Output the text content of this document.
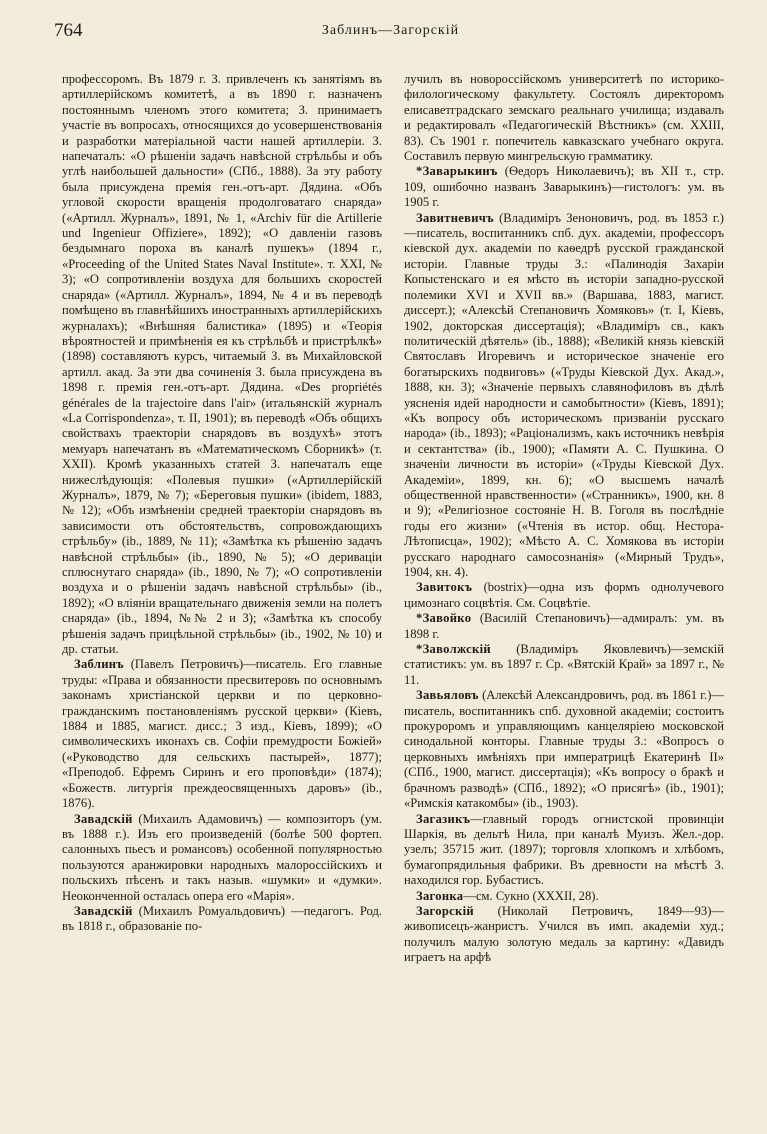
764	Заблинъ—Загорскій

профессоромъ. Въ 1879 г. З. привлеченъ къ занятіямъ въ артиллерійскомъ комитетѣ, а въ 1890 г. назначенъ постояннымъ членомъ этого комитета; З. принимаетъ участіе въ вопросахъ, относящихся до усовершенствованія и разработки матеріальной части нашей артиллеріи. З. напечаталъ: «О рѣшеніи задачъ навѣсной стрѣльбы и объ углѣ наибольшей дальности» (СПб., 1888). За эту работу была присуждена премія ген.-отъ-арт. Дядина. «Объ угловой скорости вращенія продолговатаго снаряда» («Артилл. Журналъ», 1891, № 1, «Archiv für die Artillerie und Ingenieur Offiziere», 1892); «О давленіи газовъ бездымнаго пороха въ каналѣ пушекъ» (1894 г., «Proceeding of the United States Naval Institute». т. XXI, № 3); «О сопротивленіи воздуха для большихъ скоростей снаряда» («Артилл. Журналъ», 1894, № 4 и въ переводѣ помѣщено въ главнѣйшихъ иностранныхъ артиллерійскихъ журналахъ); «Внѣшняя балистика» (1895) и «Теорія вѣроятностей и примѣненія ея къ стрѣльбѣ и пристрѣлкѣ» (1898) составляютъ курсъ, читаемый З. въ Михайловской артилл. акад. За эти два сочиненія З. была присуждена въ 1898 г. премія ген.-отъ-арт. Дядина. «Des propriétés générales de la trajectoire dans l'air» (итальянскій журналъ «La Corrispondenza», т. II, 1901); въ переводѣ «Объ общихъ свойствахъ траекторіи снарядовъ въ воздухѣ» этотъ мемуаръ напечатанъ въ «Математическомъ Сборникѣ» (т. XXII). Кромѣ указанныхъ статей З. напечаталъ еще нижеслѣдующія: «Полевыя пушки» («Артиллерійскій Журналъ», 1879, № 7); «Береговыя пушки» (ibidem, 1883, № 12); «Объ измѣненіи средней траекторіи снарядовъ въ зависимости отъ обстоятельствъ, сопровождающихъ стрѣльбу» (ib., 1889, № 11); «Замѣтка къ рѣшенію задачъ навѣсной стрѣльбы» (ib., 1890, № 5); «О деривацiи сплюснутаго снаряда» (ib., 1890, № 7); «О сопротивленіи воздуха и о рѣшеніи задачъ навѣсной стрѣльбы» (ib., 1892); «О вліяніи вращательнаго движенія земли на полетъ снаряда» (ib., 1894, №№ 2 и 3); «Замѣтка къ способу рѣшенія задачъ прицѣльной стрѣльбы» (ib., 1902, № 10) и др. статьи.

Заблинъ (Павелъ Петровичъ)—писатель. Его главные труды: «Права и обязанности пресвитеровъ по основнымъ законамъ христіанской церкви и по церковно-гражданскимъ постановленіямъ русской церкви» (Кіевъ, 1884 и 1885, магист. дисс.; 3 изд., Кіевъ, 1899); «О символическихъ иконахъ св. Софіи премудрости Божіей» («Руководство для сельскихъ пастырей», 1877); «Преподоб. Ефремъ Сиринъ и его проповѣди» (1874); «Божеств. литургія преждеосвященныхъ даровъ» (ib., 1876).

Завадскій (Михаилъ Адамовичъ) — композиторъ (ум. въ 1888 г.). Изъ его произведеній (болѣе 500 фортеп. салонныхъ пьесъ и романсовъ) особенной популярностью пользуются аранжировки народныхъ малороссійскихъ и польскихъ пѣсенъ и такъ назыв. «шумки» и «думки». Неоконченной осталась опера его «Марія».

Завадскій (Михаилъ Ромуальдовичъ) —педагогъ. Род. въ 1818 г., образованіе по-

лучилъ въ новороссійскомъ университетѣ по историко-филологическому факультету. Состоялъ директоромъ елисаветградскаго земскаго реальнаго училища; издавалъ и редактировалъ «Педагогическій Вѣстникъ» (см. XXIII, 83). Съ 1901 г. попечитель кавказскаго учебнаго округа. Составилъ первую мингрельскую грамматику.

*Заварыкинъ (Ѳедоръ Николаевичъ); въ XII т., стр. 109, ошибочно названъ Заварыкинъ)—гистологъ: ум. въ 1905 г.

Завитневичъ (Владиміръ Зеноновичъ, род. въ 1853 г.)—писатель, воспитанникъ спб. дух. академіи, профессоръ кіевской дух. академіи по каѳедрѣ русской гражданской исторіи. Главные труды З.: «Палинодія Захаріи Копыстенскаго и ея мѣсто въ исторіи западно-русской полемики XVI и XVII вв.» (Варшава, 1883, магист. диссерт.); «Алексѣй Степановичъ Хомяковъ» (т. I, Кіевъ, 1902, докторская диссертація); «Владиміръ св., какъ политическій дѣятель» (ib., 1888); «Великій князь кіевскій Святославъ Игоревичъ и историческое значеніе его богатырскихъ подвиговъ» («Труды Кіевской Дух. Акад.», 1888, кн. 3); «Значеніе первыхъ славянофиловъ въ дѣлѣ уясненія идей народности и самобытности» (Кіевъ, 1891); «Къ вопросу объ историческомъ призваніи русскаго народа» (ib., 1893); «Раціонализмъ, какъ источникъ невѣрія и сектантства» (ib., 1900); «Памяти А. С. Пушкина. О значеніи личности въ исторіи» («Труды Кіевской Дух. Академіи», 1899, кн. 6); «О высшемъ началѣ общественной нравственности» («Странникъ», 1900, кн. 8 и 9); «Религіозное состояніе Н. В. Гоголя въ послѣдніе годы его жизни» («Чтенія въ истор. общ. Нестора-Лѣтописца», 1902); «Мѣсто А. С. Хомякова въ исторіи русскаго народнаго самосознанія» («Мирный Трудъ», 1904, кн. 4).

Завитокъ (bostrix)—одна изъ формъ однолучевого цимознаго соцвѣтія. См. Соцвѣтіе.

*Завойко (Василій Степановичъ)—адмиралъ: ум. въ 1898 г.

*Заволжскій (Владиміръ Яковлевичъ)—земскій статистикъ: ум. въ 1897 г. Ср. «Вятскій Край» за 1897 г., № 11.

Завьяловъ (Алексѣй Александровичъ, род. въ 1861 г.)—писатель, воспитанникъ спб. духовной академіи; состоитъ прокуроромъ и управляющимъ канцеляріею московской синодальной конторы. Главные труды З.: «Вопросъ о церковныхъ имѣніяхъ при императрицѣ Екатеринѣ II» (СПб., 1900, магист. диссертація); «Къ вопросу о бракѣ и брачномъ разводѣ» (СПб., 1892); «О присягѣ» (ib., 1901); «Римскія катакомбы» (ib., 1903).

Загазикъ—главный городъ огнистской провинціи Шаркія, въ дельтѣ Нила, при каналѣ Муизъ. Жел.-дор. узелъ; 35715 жит. (1897); торговля хлопкомъ и хлѣбомъ, бумагопрядильныя фабрики. Въ древности на мѣстѣ З. находился гор. Бубастисъ.

Загонка—см. Сукно (XXXII, 28).

Загорскій (Николай Петровичъ, 1849—93)—живописецъ-жанристъ. Учился въ имп. академіи худ.; получилъ малую золотую медаль за картину: «Давидъ играетъ на арфѣ
